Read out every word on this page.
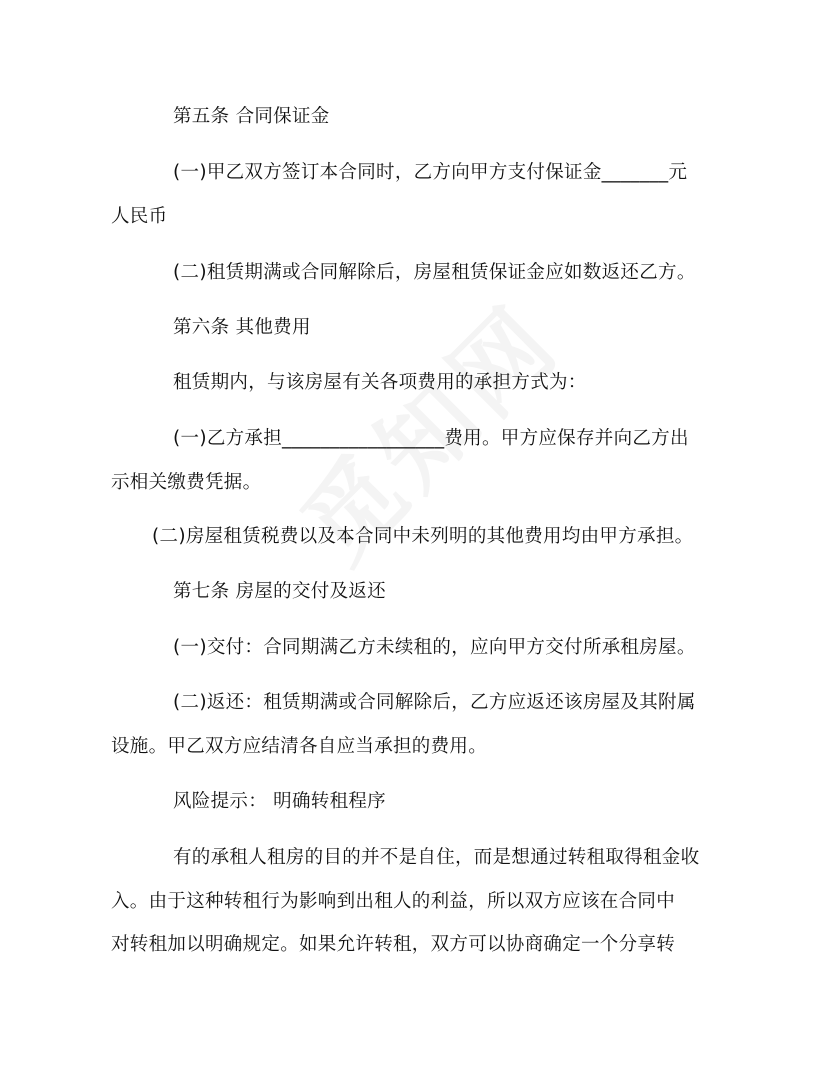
第五条 合同保证金
(一)甲乙双方签订本合同时，乙方向甲方支付保证金_______元
人民币
(二)租赁期满或合同解除后，房屋租赁保证金应如数返还乙方。
第六条 其他费用
租赁期内，与该房屋有关各项费用的承担方式为：
(一)乙方承担_________________费用。甲方应保存并向乙方出
示相关缴费凭据。
(二)房屋租赁税费以及本合同中未列明的其他费用均由甲方承担。
第七条 房屋的交付及返还
(一)交付：合同期满乙方未续租的，应向甲方交付所承租房屋。
(二)返还：租赁期满或合同解除后，乙方应返还该房屋及其附属
设施。甲乙双方应结清各自应当承担的费用。
风险提示： 明确转租程序
有的承租人租房的目的并不是自住，而是想通过转租取得租金收
入。由于这种转租行为影响到出租人的利益，所以双方应该在合同中
对转租加以明确规定。如果允许转租，双方可以协商确定一个分享转
